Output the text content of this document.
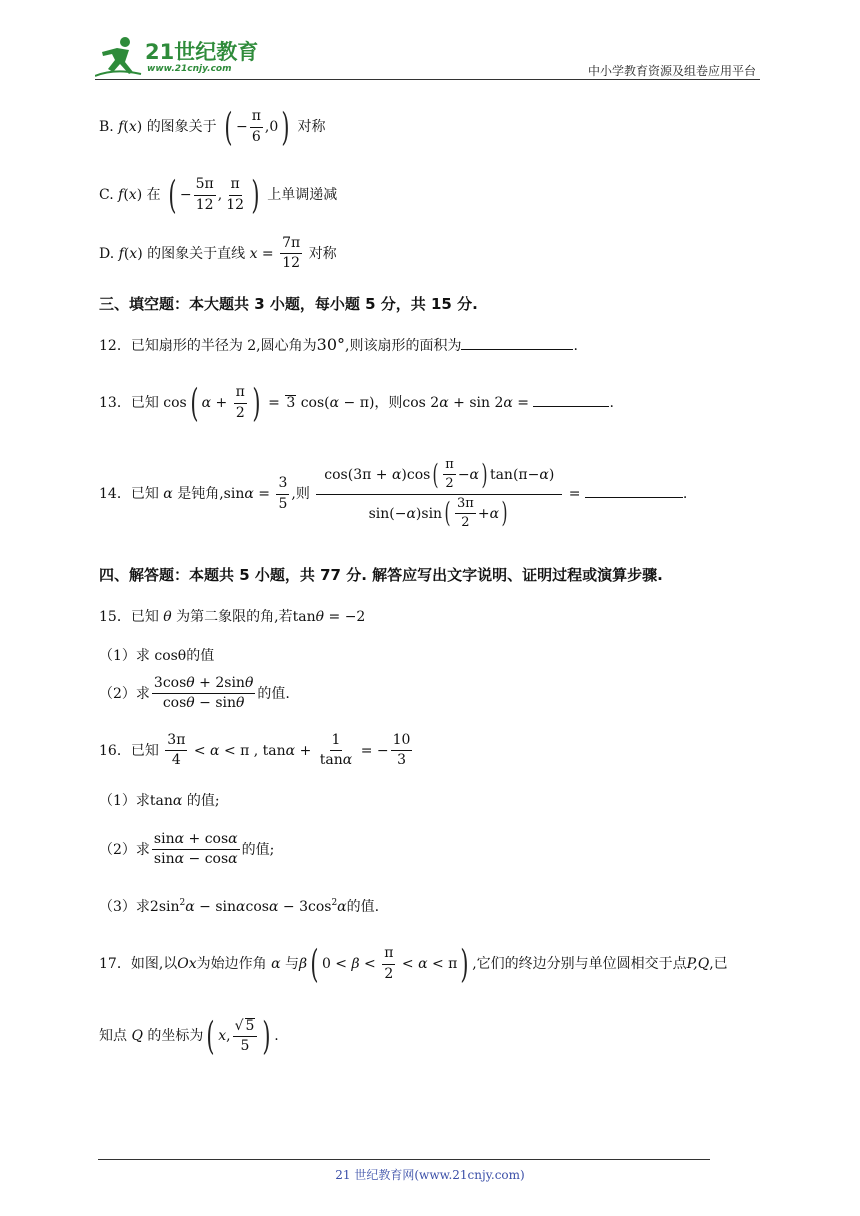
21世纪教育
www.21cnjy.com	中小学教育资源及组卷应用平台
B. f(x) 的图象关于 ( − $\frac{\pi}{6} ,0$) 对称
C. f(x) 在 ( − $\frac{5\pi}{12}$ , $\frac{\pi}{12}$ ) 上单调递减
D. f(x) 的图象关于直线 $x = \frac{7\pi}{12}$ 对称
三、填空题：本大题共 3 小题，每小题 5 分，共 15 分.
12．已知扇形的半径为 2,圆心角为30°,则该扇形的面积为	.
13．已知 cos( $\alpha + \frac{\pi}{2}$ ) = 3 cos(α − π)，则cos 2α + sin 2α =	.
14．已知 α 是钝角$,\sin\alpha = \frac{3}{5}$ ,则 $\frac{\cos(3\pi + \alpha)\cos( \frac{\pi}{2} -\alpha) \tan(\pi-\alpha)}{\sin(-\alpha)\sin( \frac{3\pi}{2} +\alpha)}$ =	.
四、解答题：本题共 5 小题，共 77 分. 解答应写出文字说明、证明过程或演算步骤.
15．已知 θ 为第二象限的角,若tanθ = −2
（1）求 cosθ的值
（2）求 $\frac{3\cos\theta + 2\sin\theta}{\cos\theta - \sin\theta}$ 的值.
16．已知 $\frac{3\pi}{4} < \alpha < \pi$ , $\tan\alpha + \frac{1}{\tan\alpha}$ = − $\frac{10}{3}$
（1）求tanα 的值;
（2）求 $\frac{\sin\alpha + \cos\alpha}{\sin\alpha - \cos\alpha}$ 的值;
（3）求$2\sin^2\alpha - \sin\alpha\cos\alpha - 3\cos^2\alpha$的值.
17．如图,以Ox为始边作角 α 与β( $0 < \beta < \frac{\pi}{2} < \alpha < \pi$) ,它们的终边分别与单位圆相交于点P,Q,已
知点 Q 的坐标为( x, $\frac{√ 5}{5}$ ) .
21 世纪教育网(www.21cnjy.com)
